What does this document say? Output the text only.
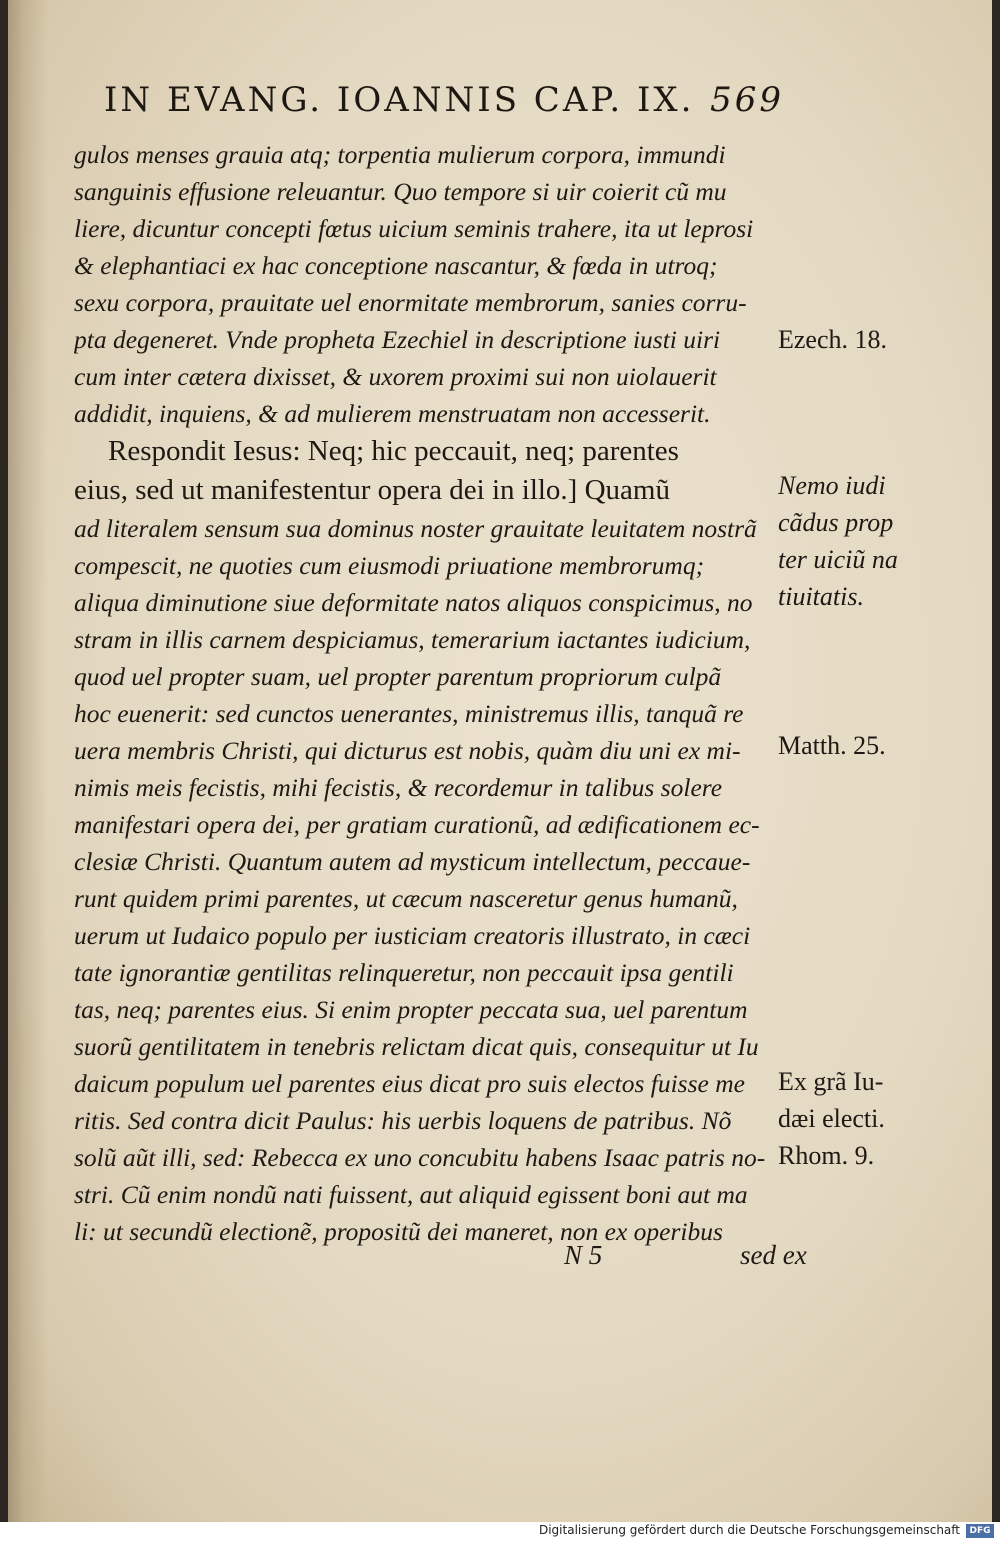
IN EVANG. IOANNIS CAP. IX. 569
gulos menses grauia atq; torpentia mulierum corpora, immundi
sanguinis effusione releuantur. Quo tempore si uir coierit cũ mu
liere, dicuntur concepti fœtus uicium seminis trahere, ita ut leprosi
& elephantiaci ex hac conceptione nascantur, & fœda in utroq;
sexu corpora, prauitate uel enormitate membrorum, sanies corru-
pta degeneret. Vnde propheta Ezechiel in descriptione iusti uiri
cum inter cætera dixisset, & uxorem proximi sui non uiolauerit
addidit, inquiens, & ad mulierem menstruatam non accesserit.
Respondit Iesus: Neq; hic peccauit, neq; parentes
eius, sed ut manifestentur opera dei in illo.] Quamũ
ad literalem sensum sua dominus noster grauitate leuitatem nostrã
compescit, ne quoties cum eiusmodi priuatione membrorumq;
aliqua diminutione siue deformitate natos aliquos conspicimus, no
stram in illis carnem despiciamus, temerarium iactantes iudicium,
quod uel propter suam, uel propter parentum propriorum culpã
hoc euenerit: sed cunctos uenerantes, ministremus illis, tanquã re
uera membris Christi, qui dicturus est nobis, quàm diu uni ex mi-
nimis meis fecistis, mihi fecistis, & recordemur in talibus solere
manifestari opera dei, per gratiam curationũ, ad ædificationem ec-
clesiæ Christi. Quantum autem ad mysticum intellectum, peccaue-
runt quidem primi parentes, ut cæcum nasceretur genus humanũ,
uerum ut Iudaico populo per iusticiam creatoris illustrato, in cæci
tate ignorantiæ gentilitas relinqueretur, non peccauit ipsa gentili
tas, neq; parentes eius. Si enim propter peccata sua, uel parentum
suorũ gentilitatem in tenebris relictam dicat quis, consequitur ut Iu
daicum populum uel parentes eius dicat pro suis electos fuisse me
ritis. Sed contra dicit Paulus: his uerbis loquens de patribus. Nõ
solũ aũt illi, sed: Rebecca ex uno concubitu habens Isaac patris no-
stri. Cũ enim nondũ nati fuissent, aut aliquid egissent boni aut ma
li: ut secundũ electionẽ, propositũ dei maneret, non ex operibus
Ezech. 18.
Nemo iudi
cãdus prop
ter uiciũ na
tiuitatis.
Matth. 25.
Ex grã Iu-
dæi electi.
Rhom. 9.
N 5	sed ex
Digitalisierung gefördert durch die Deutsche Forschungsgemeinschaft	DFG
